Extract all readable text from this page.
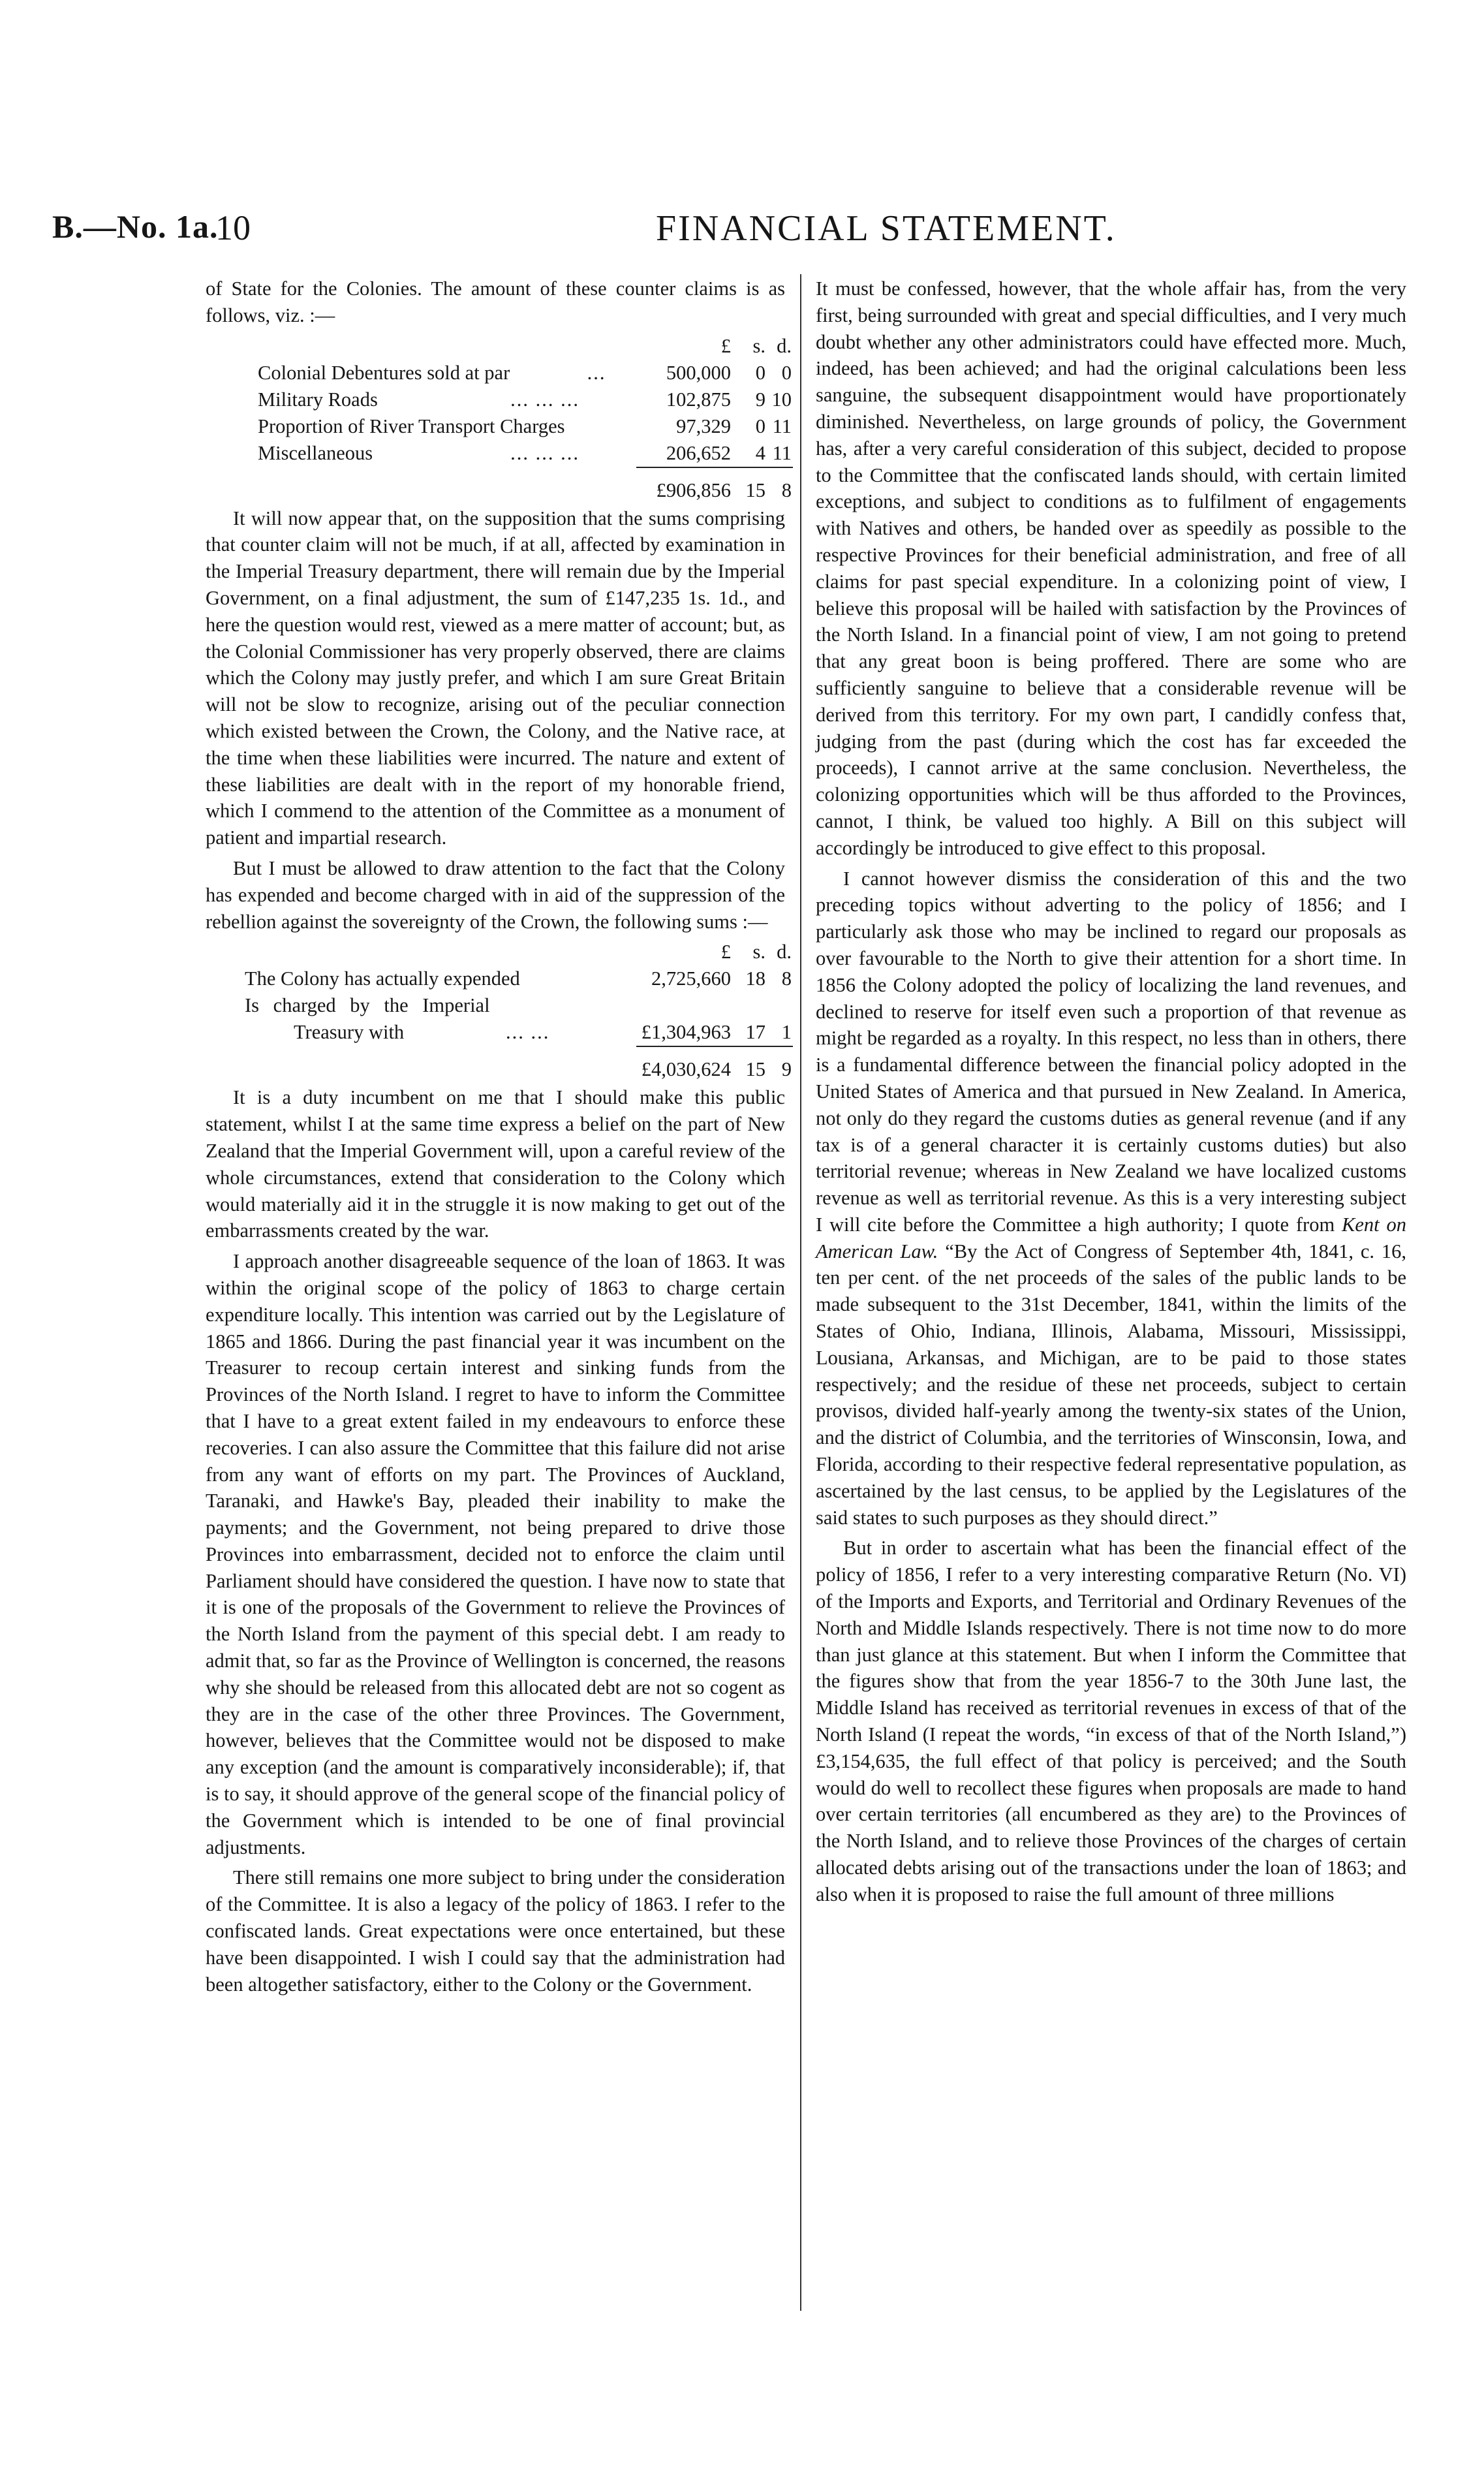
B.—No. 1a.
10	FINANCIAL STATEMENT.

of State for the Colonies. The amount of these counter claims is as follows, viz. :—

£	s. d.
Colonial Debentures sold at par	...	500,000	0 0
Military Roads	... ... ...	102,875	9 10
Proportion of River Transport Charges	97,329	0 11
Miscellaneous	... ... ...	206,652	4 11
£906,856 15 8

It will now appear that, on the supposition that the sums comprising that counter claim will not be much, if at all, affected by examination in the Imperial Treasury department, there will remain due by the Imperial Government, on a final adjustment, the sum of £147,235 1s. 1d., and here the question would rest, viewed as a mere matter of account; but, as the Colonial Commissioner has very properly observed, there are claims which the Colony may justly prefer, and which I am sure Great Britain will not be slow to recognize, arising out of the peculiar connection which existed between the Crown, the Colony, and the Native race, at the time when these liabilities were incurred. The nature and extent of these liabilities are dealt with in the report of my honorable friend, which I commend to the attention of the Committee as a monument of patient and impartial research.

But I must be allowed to draw attention to the fact that the Colony has expended and become charged with in aid of the suppression of the rebellion against the sovereignty of the Crown, the following sums :—

£	s. d.
The Colony has actually expended	2,725,660 18 8
Is charged by the Imperial
Treasury with	... ...	£1,304,963 17 1
£4,030,624 15 9

It is a duty incumbent on me that I should make this public statement, whilst I at the same time express a belief on the part of New Zealand that the Imperial Government will, upon a careful review of the whole circumstances, extend that consideration to the Colony which would materially aid it in the struggle it is now making to get out of the embarrassments created by the war.

I approach another disagreeable sequence of the loan of 1863. It was within the original scope of the policy of 1863 to charge certain expenditure locally. This intention was carried out by the Legislature of 1865 and 1866. During the past financial year it was incumbent on the Treasurer to recoup certain interest and sinking funds from the Provinces of the North Island. I regret to have to inform the Committee that I have to a great extent failed in my endeavours to enforce these recoveries. I can also assure the Committee that this failure did not arise from any want of efforts on my part. The Provinces of Auckland, Taranaki, and Hawke's Bay, pleaded their inability to make the payments; and the Government, not being prepared to drive those Provinces into embarrassment, decided not to enforce the claim until Parliament should have considered the question. I have now to state that it is one of the proposals of the Government to relieve the Provinces of the North Island from the payment of this special debt. I am ready to admit that, so far as the Province of Wellington is concerned, the reasons why she should be released from this allocated debt are not so cogent as they are in the case of the other three Provinces. The Government, however, believes that the Committee would not be disposed to make any exception (and the amount is comparatively inconsiderable); if, that is to say, it should approve of the general scope of the financial policy of the Government which is intended to be one of final provincial adjustments.

There still remains one more subject to bring under the consideration of the Committee. It is also a legacy of the policy of 1863. I refer to the confiscated lands. Great expectations were once entertained, but these have been disappointed. I wish I could say that the administration had been altogether satisfactory, either to the Colony or the Government.

It must be confessed, however, that the whole affair has, from the very first, being surrounded with great and special difficulties, and I very much doubt whether any other administrators could have effected more. Much, indeed, has been achieved; and had the original calculations been less sanguine, the subsequent disappointment would have proportionately diminished. Nevertheless, on large grounds of policy, the Government has, after a very careful consideration of this subject, decided to propose to the Committee that the confiscated lands should, with certain limited exceptions, and subject to conditions as to fulfilment of engagements with Natives and others, be handed over as speedily as possible to the respective Provinces for their beneficial administration, and free of all claims for past special expenditure. In a colonizing point of view, I believe this proposal will be hailed with satisfaction by the Provinces of the North Island. In a financial point of view, I am not going to pretend that any great boon is being proffered. There are some who are sufficiently sanguine to believe that a considerable revenue will be derived from this territory. For my own part, I candidly confess that, judging from the past (during which the cost has far exceeded the proceeds), I cannot arrive at the same conclusion. Nevertheless, the colonizing opportunities which will be thus afforded to the Provinces, cannot, I think, be valued too highly. A Bill on this subject will accordingly be introduced to give effect to this proposal.

I cannot however dismiss the consideration of this and the two preceding topics without adverting to the policy of 1856; and I particularly ask those who may be inclined to regard our proposals as over favourable to the North to give their attention for a short time. In 1856 the Colony adopted the policy of localizing the land revenues, and declined to reserve for itself even such a proportion of that revenue as might be regarded as a royalty. In this respect, no less than in others, there is a fundamental difference between the financial policy adopted in the United States of America and that pursued in New Zealand. In America, not only do they regard the customs duties as general revenue (and if any tax is of a general character it is certainly customs duties) but also territorial revenue; whereas in New Zealand we have localized customs revenue as well as territorial revenue. As this is a very interesting subject I will cite before the Committee a high authority; I quote from Kent on American Law. “By the Act of Congress of September 4th, 1841, c. 16, ten per cent. of the net proceeds of the sales of the public lands to be made subsequent to the 31st December, 1841, within the limits of the States of Ohio, Indiana, Illinois, Alabama, Missouri, Mississippi, Lousiana, Arkansas, and Michigan, are to be paid to those states respectively; and the residue of these net proceeds, subject to certain provisos, divided half-yearly among the twenty-six states of the Union, and the district of Columbia, and the territories of Winsconsin, Iowa, and Florida, according to their respective federal representative population, as ascertained by the last census, to be applied by the Legislatures of the said states to such purposes as they should direct.”

But in order to ascertain what has been the financial effect of the policy of 1856, I refer to a very interesting comparative Return (No. VI) of the Imports and Exports, and Territorial and Ordinary Revenues of the North and Middle Islands respectively. There is not time now to do more than just glance at this statement. But when I inform the Committee that the figures show that from the year 1856-7 to the 30th June last, the Middle Island has received as territorial revenues in excess of that of the North Island (I repeat the words, “in excess of that of the North Island,”) £3,154,635, the full effect of that policy is perceived; and the South would do well to recollect these figures when proposals are made to hand over certain territories (all encumbered as they are) to the Provinces of the North Island, and to relieve those Provinces of the charges of certain allocated debts arising out of the transactions under the loan of 1863; and also when it is proposed to raise the full amount of three millions
